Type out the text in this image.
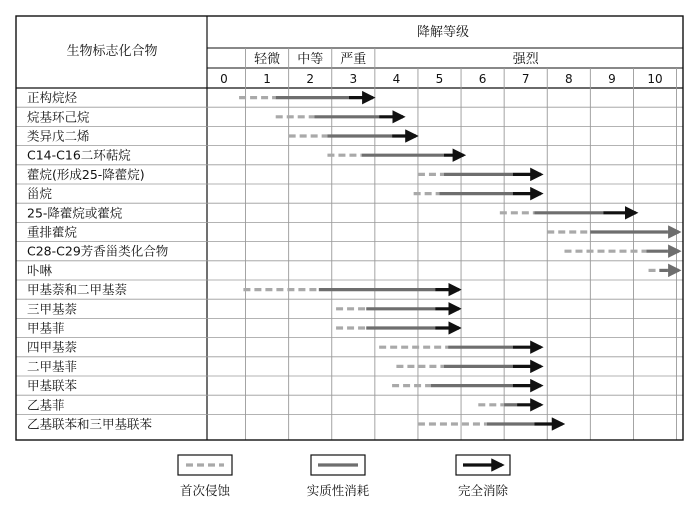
生物标志化合物
降解等级
轻微 中等 严重	强烈
0	1	2	3	4	5	6	7	8	9	10
正构烷烃
烷基环己烷
类异戊二烯
C14-C16二环萜烷
藿烷(形成25-降藿烷)
甾烷
25-降藿烷或藿烷
重排藿烷
C28-C29芳香甾类化合物
卟啉
甲基萘和二甲基萘
三甲基萘
甲基菲
四甲基萘
二甲基菲
甲基联苯
乙基菲
乙基联苯和三甲基联苯
首次侵蚀	实质性消耗	完全消除
